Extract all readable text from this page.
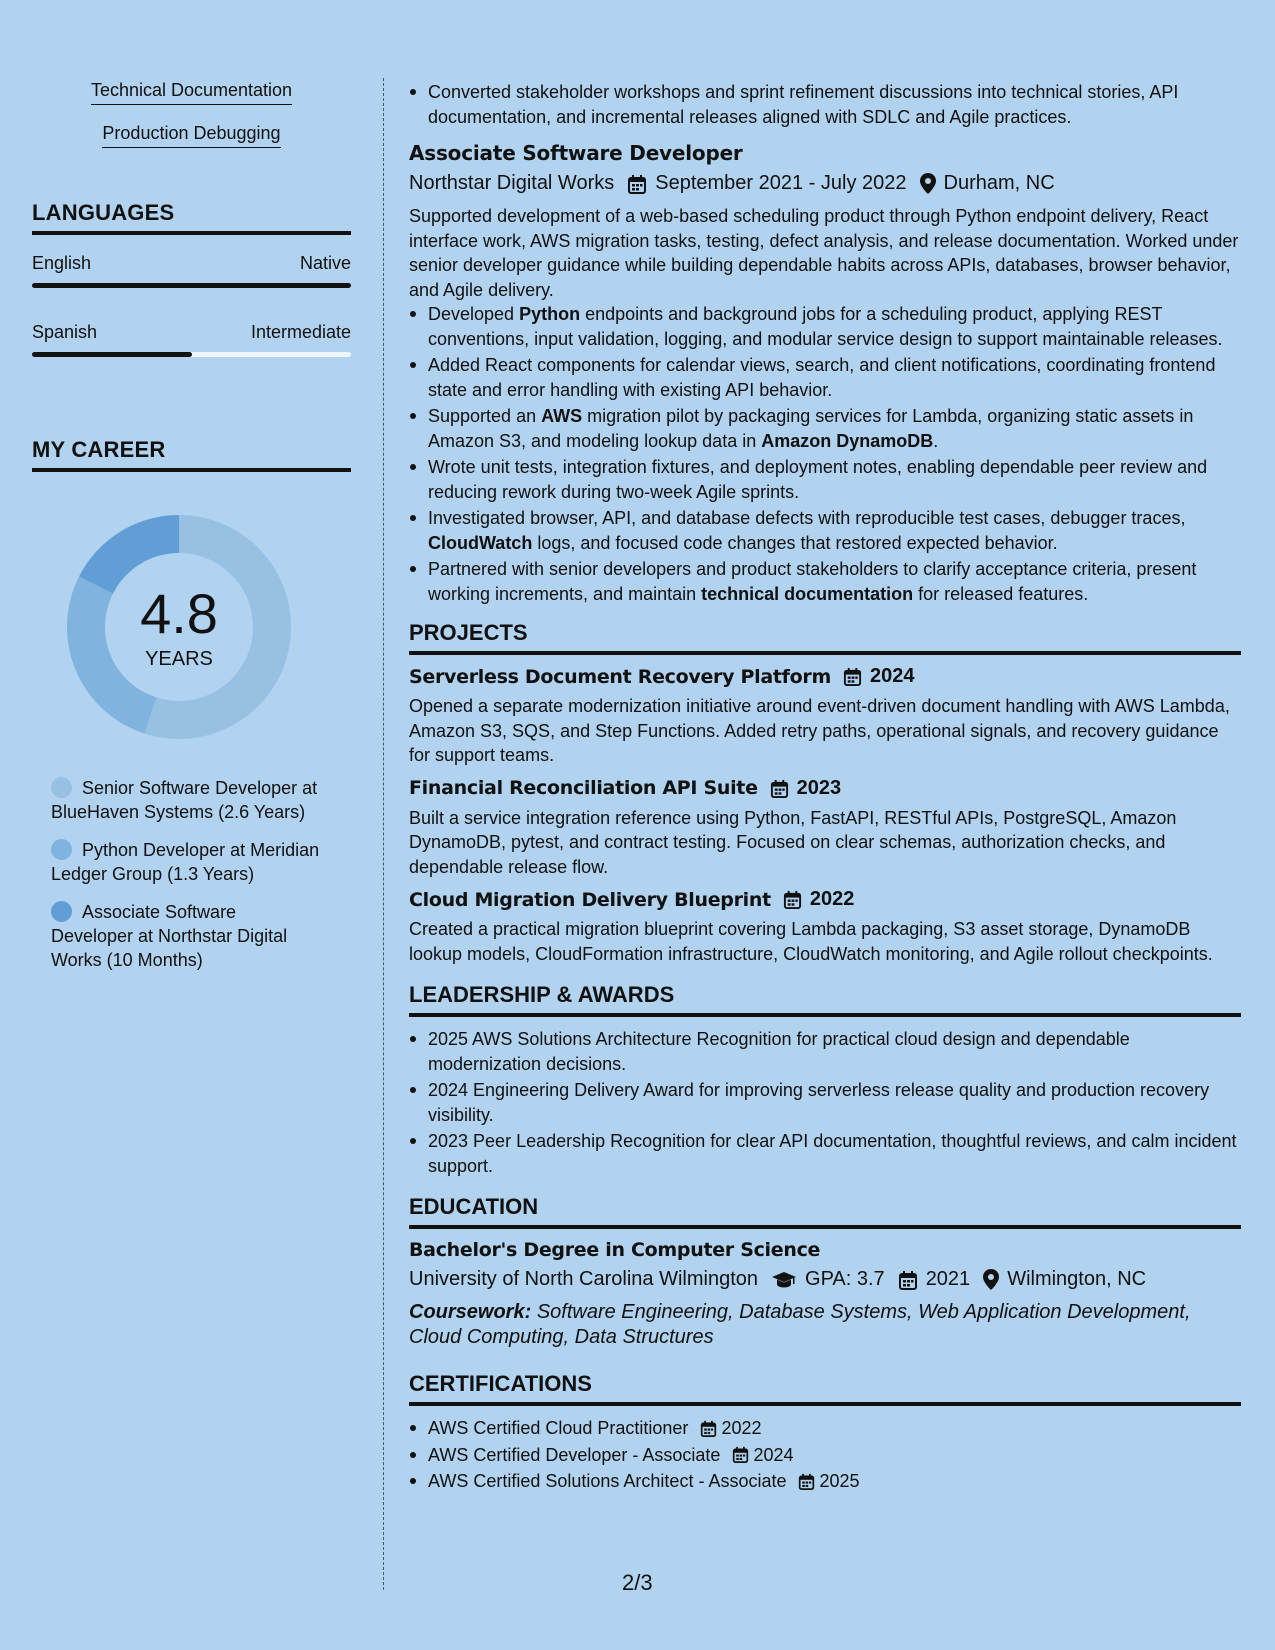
Technical Documentation
Production Debugging
LANGUAGES
English	Native
Spanish	Intermediate
MY CAREER
4.8
YEARS
Senior Software Developer at BlueHaven Systems (2.6 Years)
Python Developer at Meridian Ledger Group (1.3 Years)
Associate Software Developer at Northstar Digital Works (10 Months)
Converted stakeholder workshops and sprint refinement discussions into technical stories, API documentation, and incremental releases aligned with SDLC and Agile practices.
Associate Software Developer
Northstar Digital Works September 2021 - July 2022 Durham, NC
Supported development of a web-based scheduling product through Python endpoint delivery, React interface work, AWS migration tasks, testing, defect analysis, and release documentation. Worked under senior developer guidance while building dependable habits across APIs, databases, browser behavior, and Agile delivery.
Developed Python endpoints and background jobs for a scheduling product, applying REST conventions, input validation, logging, and modular service design to support maintainable releases.
Added React components for calendar views, search, and client notifications, coordinating frontend state and error handling with existing API behavior.
Supported an AWS migration pilot by packaging services for Lambda, organizing static assets in Amazon S3, and modeling lookup data in Amazon DynamoDB.
Wrote unit tests, integration fixtures, and deployment notes, enabling dependable peer review and reducing rework during two-week Agile sprints.
Investigated browser, API, and database defects with reproducible test cases, debugger traces, CloudWatch logs, and focused code changes that restored expected behavior.
Partnered with senior developers and product stakeholders to clarify acceptance criteria, present working increments, and maintain technical documentation for released features.
PROJECTS
Serverless Document Recovery Platform 2024
Opened a separate modernization initiative around event-driven document handling with AWS Lambda, Amazon S3, SQS, and Step Functions. Added retry paths, operational signals, and recovery guidance for support teams.
Financial Reconciliation API Suite 2023
Built a service integration reference using Python, FastAPI, RESTful APIs, PostgreSQL, Amazon DynamoDB, pytest, and contract testing. Focused on clear schemas, authorization checks, and dependable release flow.
Cloud Migration Delivery Blueprint 2022
Created a practical migration blueprint covering Lambda packaging, S3 asset storage, DynamoDB lookup models, CloudFormation infrastructure, CloudWatch monitoring, and Agile rollout checkpoints.
LEADERSHIP & AWARDS
2025 AWS Solutions Architecture Recognition for practical cloud design and dependable modernization decisions.
2024 Engineering Delivery Award for improving serverless release quality and production recovery visibility.
2023 Peer Leadership Recognition for clear API documentation, thoughtful reviews, and calm incident support.
EDUCATION
Bachelor's Degree in Computer Science
University of North Carolina Wilmington GPA: 3.7 2021 Wilmington, NC
Coursework: Software Engineering, Database Systems, Web Application Development, Cloud Computing, Data Structures
CERTIFICATIONS
AWS Certified Cloud Practitioner 2022
AWS Certified Developer - Associate 2024
AWS Certified Solutions Architect - Associate 2025
2/3
